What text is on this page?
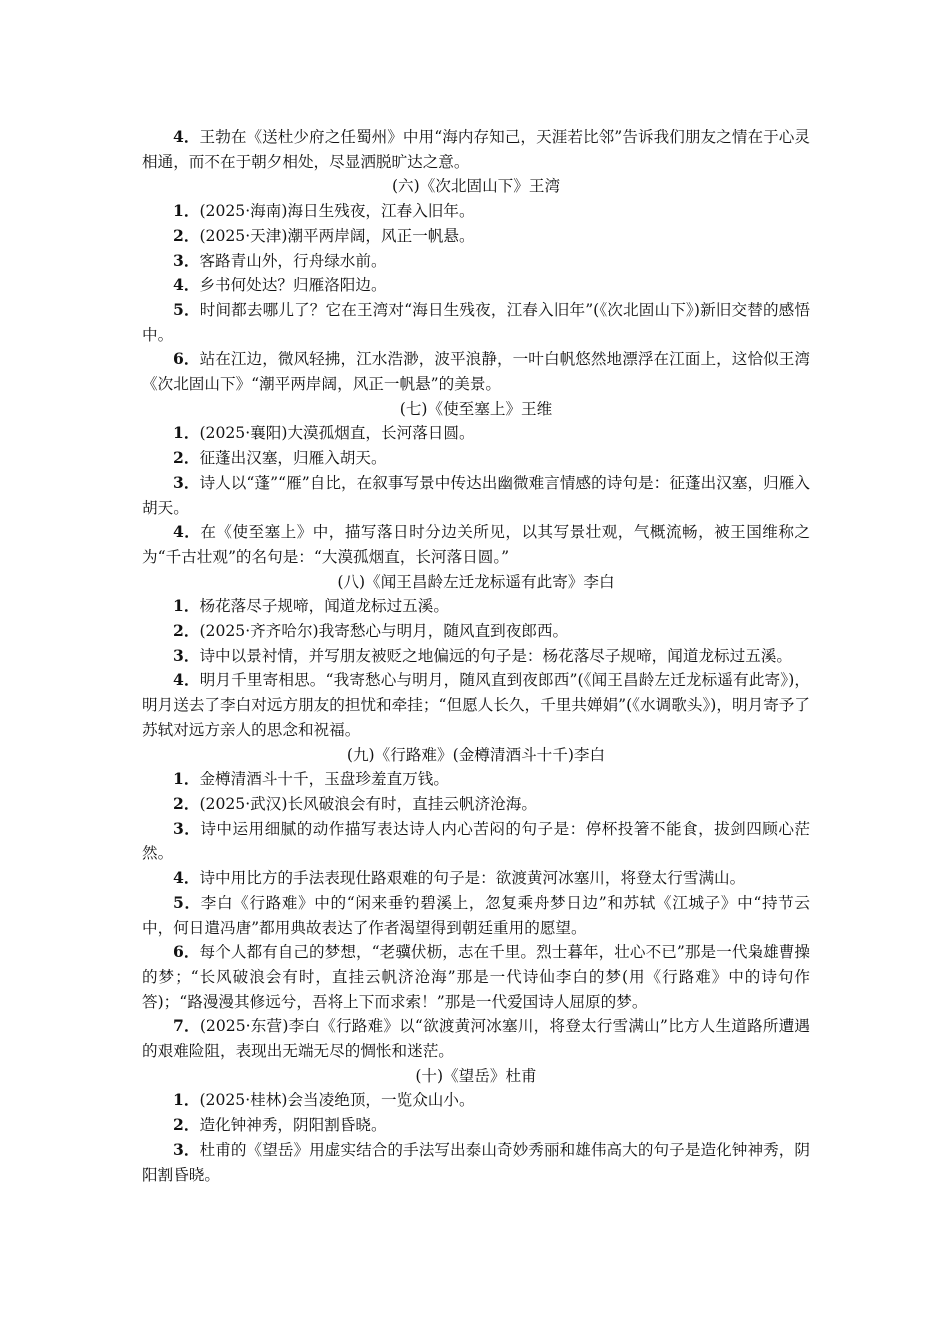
4．王勃在《送杜少府之任蜀州》中用“海内存知己，天涯若比邻”告诉我们朋友之情在于心灵相通，而不在于朝夕相处，尽显洒脱旷达之意。

(六)《次北固山下》王湾

1．(2025·海南)海日生残夜，江春入旧年。

2．(2025·天津)潮平两岸阔，风正一帆悬。

3．客路青山外，行舟绿水前。

4．乡书何处达？归雁洛阳边。

5．时间都去哪儿了？它在王湾对“海日生残夜，江春入旧年”(《次北固山下》)新旧交替的感悟中。

6．站在江边，微风轻拂，江水浩渺，波平浪静，一叶白帆悠然地漂浮在江面上，这恰似王湾《次北固山下》“潮平两岸阔，风正一帆悬”的美景。

(七)《使至塞上》王维

1．(2025·襄阳)大漠孤烟直，长河落日圆。

2．征蓬出汉塞，归雁入胡天。

3．诗人以“蓬”“雁”自比，在叙事写景中传达出幽微难言情感的诗句是：征蓬出汉塞，归雁入胡天。

4．在《使至塞上》中，描写落日时分边关所见，以其写景壮观，气概流畅，被王国维称之为“千古壮观”的名句是：“大漠孤烟直，长河落日圆。”

(八)《闻王昌龄左迁龙标遥有此寄》李白

1．杨花落尽子规啼，闻道龙标过五溪。

2．(2025·齐齐哈尔)我寄愁心与明月，随风直到夜郎西。

3．诗中以景衬情，并写朋友被贬之地偏远的句子是：杨花落尽子规啼，闻道龙标过五溪。

4．明月千里寄相思。“我寄愁心与明月，随风直到夜郎西”(《闻王昌龄左迁龙标遥有此寄》)，明月送去了李白对远方朋友的担忧和牵挂；“但愿人长久，千里共婵娟”(《水调歌头》)，明月寄予了苏轼对远方亲人的思念和祝福。

(九)《行路难》(金樽清酒斗十千)李白

1．金樽清酒斗十千，玉盘珍羞直万钱。

2．(2025·武汉)长风破浪会有时，直挂云帆济沧海。

3．诗中运用细腻的动作描写表达诗人内心苦闷的句子是：停杯投箸不能食，拔剑四顾心茫然。

4．诗中用比方的手法表现仕路艰难的句子是：欲渡黄河冰塞川，将登太行雪满山。

5．李白《行路难》中的“闲来垂钓碧溪上，忽复乘舟梦日边”和苏轼《江城子》中“持节云中，何日遣冯唐”都用典故表达了作者渴望得到朝廷重用的愿望。

6．每个人都有自己的梦想，“老骥伏枥，志在千里。烈士暮年，壮心不已”那是一代枭雄曹操的梦；“长风破浪会有时，直挂云帆济沧海”那是一代诗仙李白的梦(用《行路难》中的诗句作答)；“路漫漫其修远兮，吾将上下而求索！”那是一代爱国诗人屈原的梦。

7．(2025·东营)李白《行路难》以“欲渡黄河冰塞川，将登太行雪满山”比方人生道路所遭遇的艰难险阻，表现出无端无尽的惆怅和迷茫。

(十)《望岳》杜甫

1．(2025·桂林)会当凌绝顶，一览众山小。

2．造化钟神秀，阴阳割昏晓。

3．杜甫的《望岳》用虚实结合的手法写出泰山奇妙秀丽和雄伟高大的句子是造化钟神秀，阴阳割昏晓。
